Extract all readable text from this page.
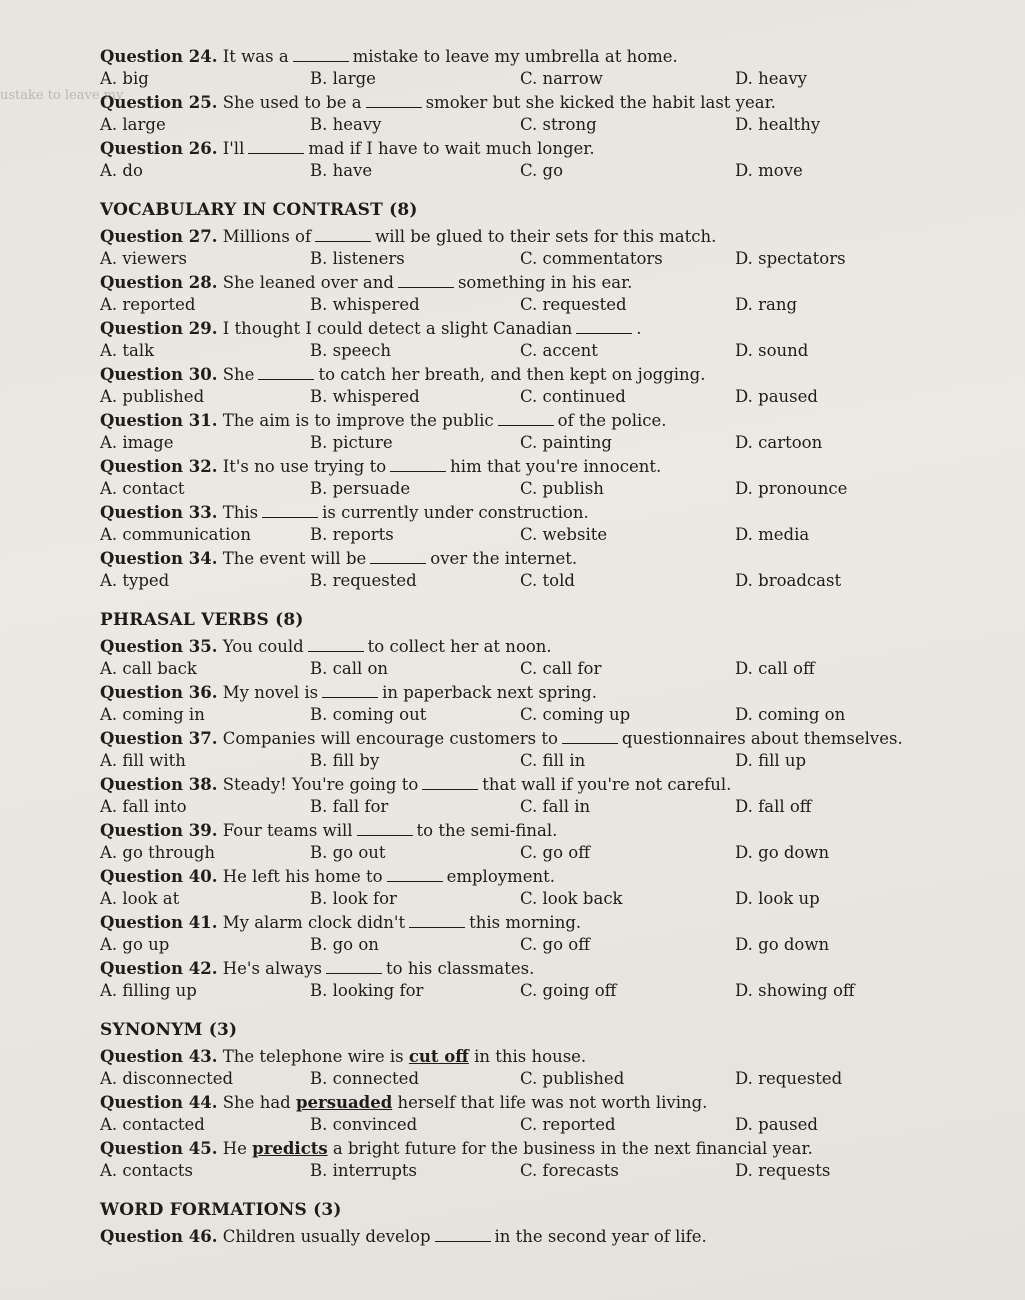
ustake to leave my
Question 24. It was a	mistake to leave my umbrella at home.
A. big	B. large	C. narrow	D. heavy
Question 25. She used to be a	smoker but she kicked the habit last year.
A. large	B. heavy	C. strong	D. healthy
Question 26. I'll	mad if I have to wait much longer.
A. do	B. have	C. go	D. move
VOCABULARY IN CONTRAST (8)
Question 27. Millions of	will be glued to their sets for this match.
A. viewers	B. listeners	C. commentators	D. spectators
Question 28. She leaned over and	something in his ear.
A. reported	B. whispered	C. requested	D. rang
Question 29. I thought I could detect a slight Canadian	.
A. talk	B. speech	C. accent	D. sound
Question 30. She	to catch her breath, and then kept on jogging.
A. published	B. whispered	C. continued	D. paused
Question 31. The aim is to improve the public	of the police.
A. image	B. picture	C. painting	D. cartoon
Question 32. It's no use trying to	him that you're innocent.
A. contact	B. persuade	C. publish	D. pronounce
Question 33. This	is currently under construction.
A. communication	B. reports	C. website	D. media
Question 34. The event will be	over the internet.
A. typed	B. requested	C. told	D. broadcast
PHRASAL VERBS (8)
Question 35. You could	to collect her at noon.
A. call back	B. call on	C. call for	D. call off
Question 36. My novel is	in paperback next spring.
A. coming in	B. coming out	C. coming up	D. coming on
Question 37. Companies will encourage customers to	questionnaires about themselves.
A. fill with	B. fill by	C. fill in	D. fill up
Question 38. Steady! You're going to	that wall if you're not careful.
A. fall into	B. fall for	C. fall in	D. fall off
Question 39. Four teams will	to the semi-final.
A. go through	B. go out	C. go off	D. go down
Question 40. He left his home to	employment.
A. look at	B. look for	C. look back	D. look up
Question 41. My alarm clock didn't	this morning.
A. go up	B. go on	C. go off	D. go down
Question 42. He's always	to his classmates.
A. filling up	B. looking for	C. going off	D. showing off
SYNONYM (3)
Question 43. The telephone wire is cut off in this house.
A. disconnected	B. connected	C. published	D. requested
Question 44. She had persuaded herself that life was not worth living.
A. contacted	B. convinced	C. reported	D. paused
Question 45. He predicts a bright future for the business in the next financial year.
A. contacts	B. interrupts	C. forecasts	D. requests
WORD FORMATIONS (3)
Question 46. Children usually develop	in the second year of life.
